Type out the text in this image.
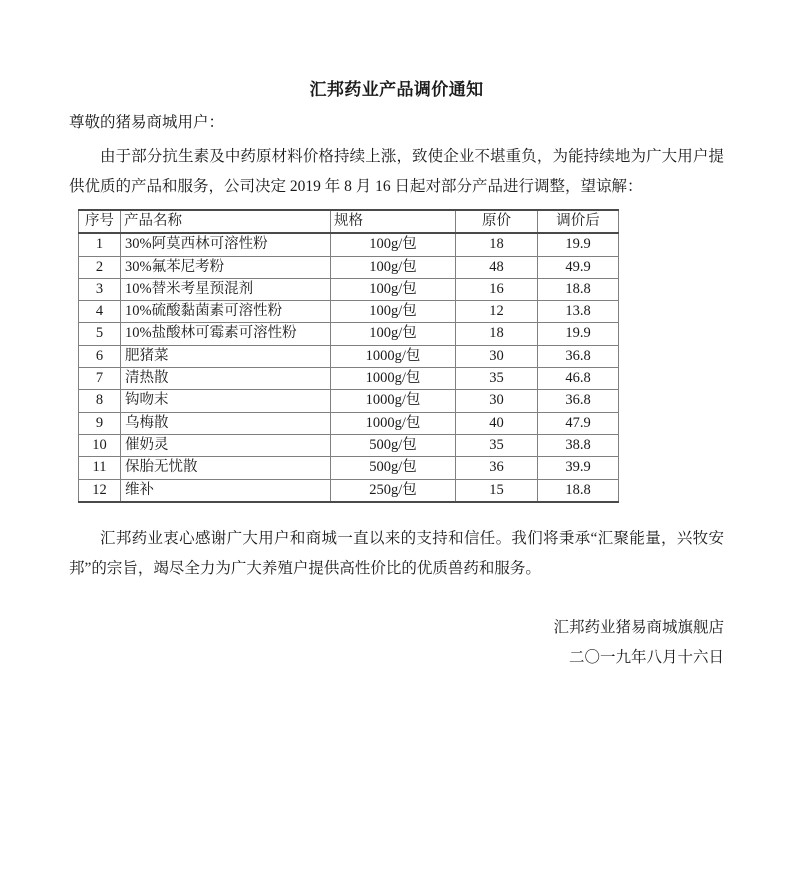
汇邦药业产品调价通知
尊敬的猪易商城用户：
由于部分抗生素及中药原材料价格持续上涨，致使企业不堪重负，为能持续地为广大用户提供优质的产品和服务，公司决定 2019 年 8 月 16 日起对部分产品进行调整，望谅解：
序号	产品名称	规格	原价	调价后
1	30%阿莫西林可溶性粉	100g/包	18	19.9
2	30%氟苯尼考粉	100g/包	48	49.9
3	10%替米考星预混剂	100g/包	16	18.8
4	10%硫酸黏菌素可溶性粉	100g/包	12	13.8
5	10%盐酸林可霉素可溶性粉	100g/包	18	19.9
6	肥猪菜	1000g/包	30	36.8
7	清热散	1000g/包	35	46.8
8	钩吻末	1000g/包	30	36.8
9	乌梅散	1000g/包	40	47.9
10	催奶灵	500g/包	35	38.8
11	保胎无忧散	500g/包	36	39.9
12	维补	250g/包	15	18.8
汇邦药业衷心感谢广大用户和商城一直以来的支持和信任。我们将秉承“汇聚能量，兴牧安邦”的宗旨，竭尽全力为广大养殖户提供高性价比的优质兽药和服务。
汇邦药业猪易商城旗舰店
二〇一九年八月十六日
